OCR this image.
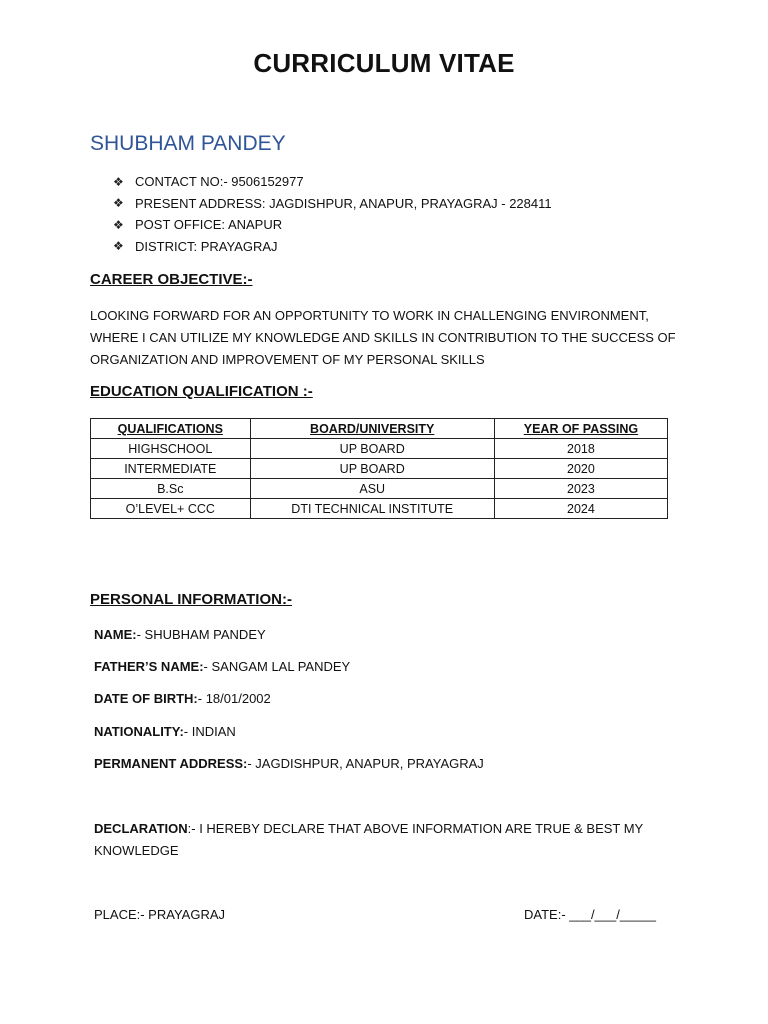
CURRICULUM VITAE
SHUBHAM PANDEY
❖ CONTACT NO:- 9506152977
❖ PRESENT ADDRESS: JAGDISHPUR, ANAPUR, PRAYAGRAJ - 228411
❖ POST OFFICE: ANAPUR
❖ DISTRICT: PRAYAGRAJ
CAREER OBJECTIVE:-
LOOKING FORWARD FOR AN OPPORTUNITY TO WORK IN CHALLENGING ENVIRONMENT, WHERE I CAN UTILIZE MY KNOWLEDGE AND SKILLS IN CONTRIBUTION TO THE SUCCESS OF ORGANIZATION AND IMPROVEMENT OF MY PERSONAL SKILLS
EDUCATION QUALIFICATION :-
QUALIFICATIONS	BOARD/UNIVERSITY	YEAR OF PASSING
HIGHSCHOOL	UP BOARD	2018
INTERMEDIATE	UP BOARD	2020
B.Sc	ASU	2023
O’LEVEL+ CCC	DTI TECHNICAL INSTITUTE	2024
PERSONAL INFORMATION:-
NAME:- SHUBHAM PANDEY
FATHER’S NAME:- SANGAM LAL PANDEY
DATE OF BIRTH:- 18/01/2002
NATIONALITY:- INDIAN
PERMANENT ADDRESS:- JAGDISHPUR, ANAPUR, PRAYAGRAJ
DECLARATION:- I HEREBY DECLARE THAT ABOVE INFORMATION ARE TRUE & BEST MY KNOWLEDGE
PLACE:- PRAYAGRAJ	DATE:- ___/___/_____
